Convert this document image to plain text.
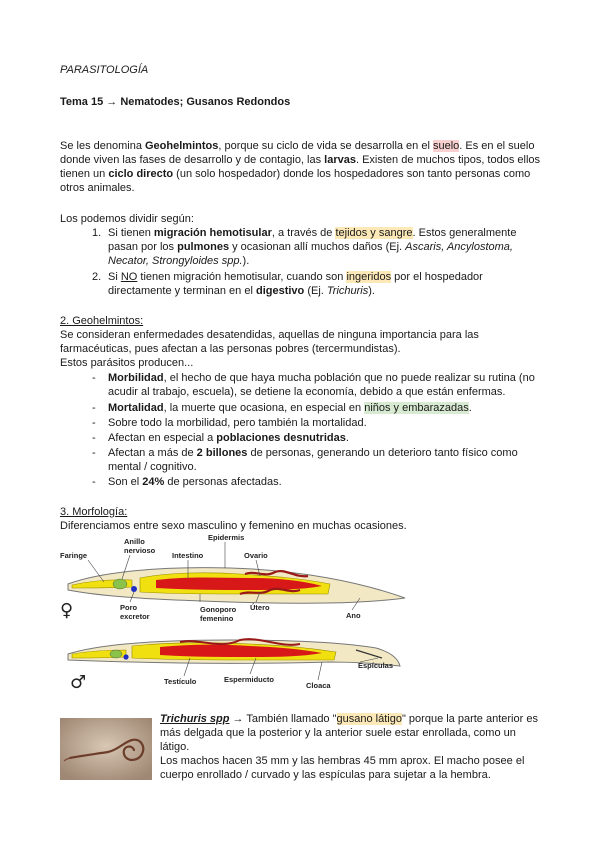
PARASITOLOGÍA
Tema 15 → Nematodes; Gusanos Redondos
Se les denomina Geohelmintos, porque su ciclo de vida se desarrolla en el suelo. Es en el suelo
donde viven las fases de desarrollo y de contagio, las larvas. Existen de muchos tipos, todos ellos
tienen un ciclo directo (un solo hospedador) donde los hospedadores son tanto personas como
otros animales.
Los podemos dividir según:
1. Si tienen migración hemotisular, a través de tejidos y sangre. Estos generalmente
pasan por los pulmones y ocasionan allí muchos daños (Ej. Ascaris, Ancylostoma,
Necator, Strongyloides spp.).
2. Si NO tienen migración hemotisular, cuando son ingeridos por el hospedador
directamente y terminan en el digestivo (Ej. Trichuris).
2. Geohelmintos:
Se consideran enfermedades desatendidas, aquellas de ninguna importancia para las
farmacéuticas, pues afectan a las personas pobres (tercermundistas).
Estos parásitos producen...
- Morbilidad, el hecho de que haya mucha población que no puede realizar su rutina (no
acudir al trabajo, escuela), se detiene la economía, debido a que están enfermas.
- Mortalidad, la muerte que ocasiona, en especial en niños y embarazadas.
- Sobre todo la morbilidad, pero también la mortalidad.
- Afectan en especial a poblaciones desnutridas.
- Afectan a más de 2 billones de personas, generando un deterioro tanto físico como
mental / cognitivo.
- Son el 24% de personas afectadas.
3. Morfología:
Diferenciamos entre sexo masculino y femenino en muchas ocasiones.
Faringe
Anillo
nervioso
Epidermis
Intestino	Ovario
Poro
excretor
Gonoporo
femenino
Útero
Ano
♀
Testículo	Espermiducto
Espículas
Cloaca
♂
Trichuris spp → También llamado "gusano látigo" porque la parte anterior es
más delgada que la posterior y la anterior suele estar enrollada, como un
látigo.
Los machos hacen 35 mm y las hembras 45 mm aprox. El macho posee el
cuerpo enrollado / curvado y las espículas para sujetar a la hembra.
